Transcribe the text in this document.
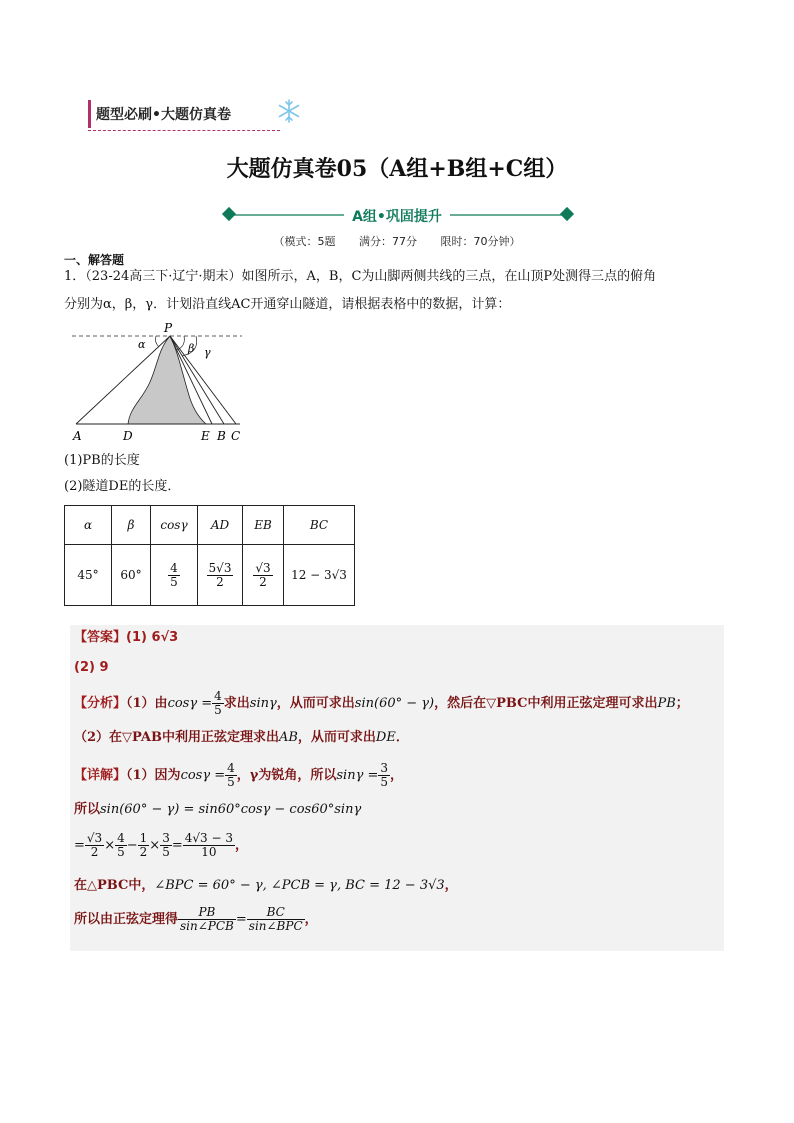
题型必刷•大题仿真卷
大题仿真卷05（A组+B组+C组）
A组•巩固提升
（模式：5题 满分：77分 限时：70分钟）
一、解答题
1．（23-24高三下·辽宁·期末）如图所示，A，B，C为山脚两侧共线的三点，在山顶P处测得三点的俯角
分别为α，β，γ．计划沿直线AC开通穿山隧道，请根据表格中的数据，计算：
P
α	β γ
A	D	E B C
(1)PB的长度
(2)隧道DE的长度．
α	β	cosγ	AD	EB	BC
45°	60°	$\frac{4}{5}$	$\frac{5√3}{2}$	$\frac{√3}{2}$	12 − 3√3
【答案】(1) 6√3
(2) 9
【分析】（1）由$\cos\gamma = \frac{4}{5}$ 求出sinγ，从而可求出sin(60° − γ)，然后在▽PBC中利用正弦定理可求出PB；
（2）在▽PAB中利用正弦定理求出AB，从而可求出DE．
【详解】（1）因为$\cos\gamma = \frac{4}{5}$ ，γ为锐角，所以$\sin\gamma = \frac{3}{5}$ ，
所以sin(60° − γ) = sin60°cosγ − cos60°sinγ
= $\frac{√3}{2} \times \frac{4}{5} - \frac{1}{2} \times \frac{3}{5} = \frac{4√3 - 3}{10}$ ，
在△PBC中，∠BPC = 60° − γ, ∠PCB = γ, BC = 12 − 3√3，
所以由正弦定理得 $\frac{PB}{\text{sin∠PCB}} = \frac{BC}{\text{sin∠BPC}}$ ，
